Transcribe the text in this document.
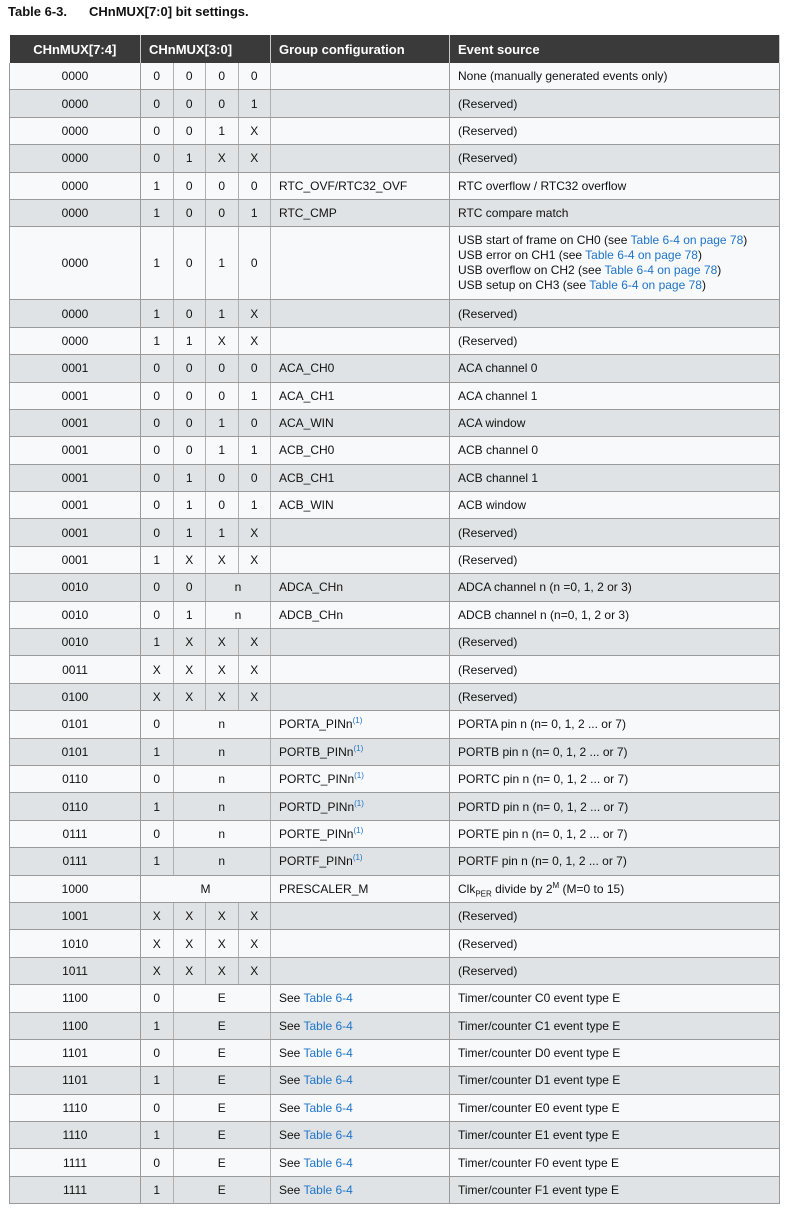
Table 6-3. CHnMUX[7:0] bit settings.
CHnMUX[7:4]	CHnMUX[3:0]				Group configuration	Event source
0000	0	0	0	0		None (manually generated events only)
0000	0	0	0	1		(Reserved)
0000	0	0	1	X		(Reserved)
0000	0	1	X	X		(Reserved)
0000	1	0	0	0	RTC_OVF/RTC32_OVF	RTC overflow / RTC32 overflow
0000	1	0	0	1	RTC_CMP	RTC compare match
0000	1	0	1	0		USB start of frame on CH0 (see Table 6-4 on page 78)
USB error on CH1 (see Table 6-4 on page 78)
USB overflow on CH2 (see Table 6-4 on page 78)
USB setup on CH3 (see Table 6-4 on page 78)

0000	1	0	1	X		(Reserved)
0000	1	1	X	X		(Reserved)
0001	0	0	0	0	ACA_CH0	ACA channel 0
0001	0	0	0	1	ACA_CH1	ACA channel 1
0001	0	0	1	0	ACA_WIN	ACA window
0001	0	0	1	1	ACB_CH0	ACB channel 0
0001	0	1	0	0	ACB_CH1	ACB channel 1
0001	0	1	0	1	ACB_WIN	ACB window
0001	0	1	1	X		(Reserved)
0001	1	X	X	X		(Reserved)
0010	0	0	n		ADCA_CHn	ADCA channel n (n =0, 1, 2 or 3)
0010	0	1	n		ADCB_CHn	ADCB channel n (n=0, 1, 2 or 3)
0010	1	X	X	X		(Reserved)
0011	X	X	X	X		(Reserved)
0100	X	X	X	X		(Reserved)
0101	0	n			PORTA_PINn$^{(1)}$	PORTA pin n (n= 0, 1, 2 ... or 7)
0101	1	n			PORTB_PINn$^{(1)}$	PORTB pin n (n= 0, 1, 2 ... or 7)
0110	0	n			PORTC_PINn$^{(1)}$	PORTC pin n (n= 0, 1, 2 ... or 7)
0110	1	n			PORTD_PINn$^{(1)}$	PORTD pin n (n= 0, 1, 2 ... or 7)
0111	0	n			PORTE_PINn$^{(1)}$	PORTE pin n (n= 0, 1, 2 ... or 7)
0111	1	n			PORTF_PINn$^{(1)}$	PORTF pin n (n= 0, 1, 2 ... or 7)
1000	M				PRESCALER_M	Clk$_{PER}$ divide by $2^M$ (M=0 to 15)
1001	X	X	X	X		(Reserved)
1010	X	X	X	X		(Reserved)
1011	X	X	X	X		(Reserved)
1100	0	E			See Table 6-4	Timer/counter C0 event type E
1100	1	E			See Table 6-4	Timer/counter C1 event type E
1101	0	E			See Table 6-4	Timer/counter D0 event type E
1101	1	E			See Table 6-4	Timer/counter D1 event type E
1110	0	E			See Table 6-4	Timer/counter E0 event type E
1110	1	E			See Table 6-4	Timer/counter E1 event type E
1111	0	E			See Table 6-4	Timer/counter F0 event type E
1111	1	E			See Table 6-4	Timer/counter F1 event type E
